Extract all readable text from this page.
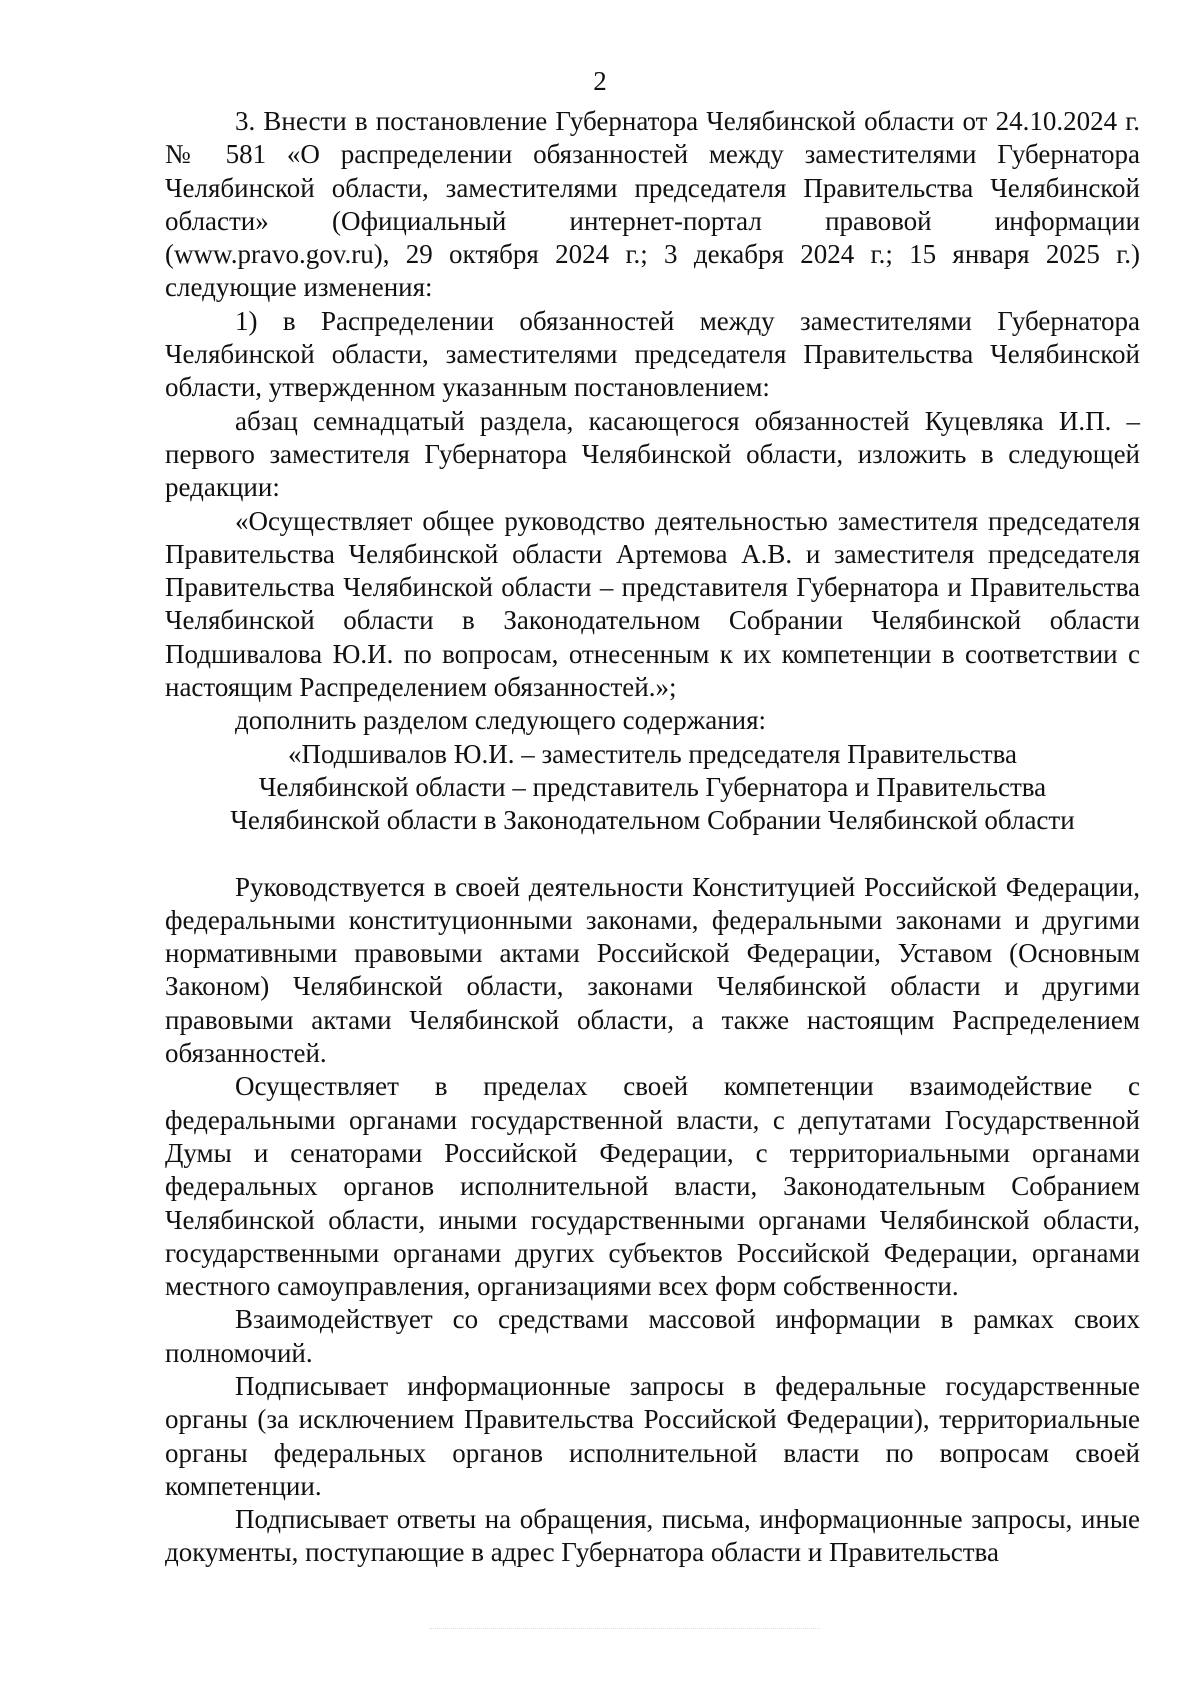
2

3. Внести в постановление Губернатора Челябинской области от 24.10.2024 г. № 581 «О распределении обязанностей между заместителями Губернатора Челябинской области, заместителями председателя Правительства Челябинской области» (Официальный интернет-портал правовой информации (www.pravo.gov.ru), 29 октября 2024 г.; 3 декабря 2024 г.; 15 января 2025 г.) следующие изменения:

1) в Распределении обязанностей между заместителями Губернатора Челябинской области, заместителями председателя Правительства Челябинской области, утвержденном указанным постановлением:

абзац семнадцатый раздела, касающегося обязанностей Куцевляка И.П. – первого заместителя Губернатора Челябинской области, изложить в следующей редакции:

«Осуществляет общее руководство деятельностью заместителя председателя Правительства Челябинской области Артемова А.В. и заместителя председателя Правительства Челябинской области – представителя Губернатора и Правительства Челябинской области в Законодательном Собрании Челябинской области Подшивалова Ю.И. по вопросам, отнесенным к их компетенции в соответствии с настоящим Распределением обязанностей.»;

дополнить разделом следующего содержания:

«Подшивалов Ю.И. – заместитель председателя Правительства
Челябинской области – представитель Губернатора и Правительства
Челябинской области в Законодательном Собрании Челябинской области

Руководствуется в своей деятельности Конституцией Российской Федерации, федеральными конституционными законами, федеральными законами и другими нормативными правовыми актами Российской Федерации, Уставом (Основным Законом) Челябинской области, законами Челябинской области и другими правовыми актами Челябинской области, а также настоящим Распределением обязанностей.

Осуществляет в пределах своей компетенции взаимодействие с федеральными органами государственной власти, с депутатами Государственной Думы и сенаторами Российской Федерации, с территориальными органами федеральных органов исполнительной власти, Законодательным Собранием Челябинской области, иными государственными органами Челябинской области, государственными органами других субъектов Российской Федерации, органами местного самоуправления, организациями всех форм собственности.

Взаимодействует со средствами массовой информации в рамках своих полномочий.

Подписывает информационные запросы в федеральные государственные органы (за исключением Правительства Российской Федерации), территориальные органы федеральных органов исполнительной власти по вопросам своей компетенции.

Подписывает ответы на обращения, письма, информационные запросы, иные документы, поступающие в адрес Губернатора области и Правительства
